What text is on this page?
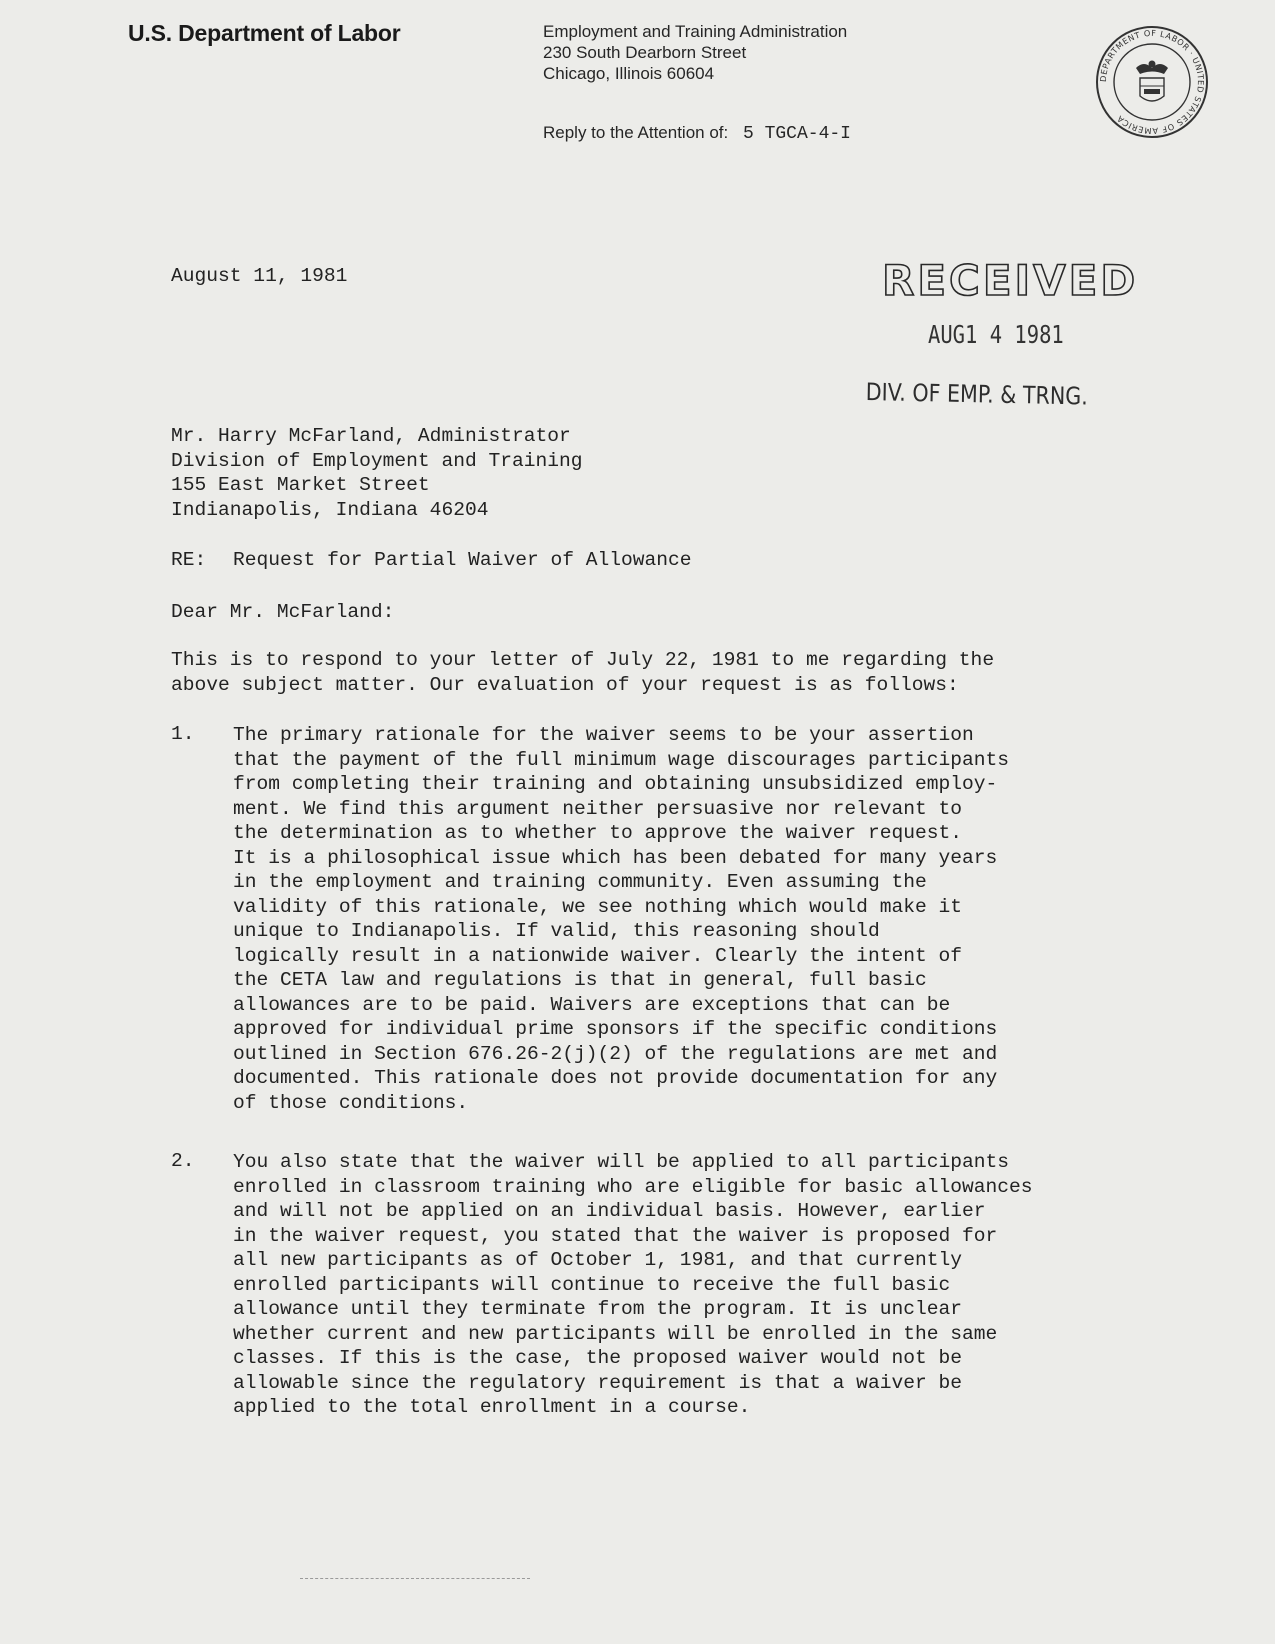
U.S. Department of Labor	Employment and Training Administration
230 South Dearborn Street
Chicago, Illinois 60604
Reply to the Attention of: 5 TGCA-4-I
DEPARTMENT OF LABOR · UNITED STATES OF AMERICA
August 11, 1981	RECEIVED
AUG1 4 1981
DIV. OF EMP. & TRNG.
Mr. Harry McFarland, Administrator
Division of Employment and Training
155 East Market Street
Indianapolis, Indiana 46204
RE: Request for Partial Waiver of Allowance
Dear Mr. McFarland:
This is to respond to your letter of July 22, 1981 to me regarding the
above subject matter. Our evaluation of your request is as follows:
1. The primary rationale for the waiver seems to be your assertion
that the payment of the full minimum wage discourages participants
from completing their training and obtaining unsubsidized employ-
ment. We find this argument neither persuasive nor relevant to
the determination as to whether to approve the waiver request.
It is a philosophical issue which has been debated for many years
in the employment and training community. Even assuming the
validity of this rationale, we see nothing which would make it
unique to Indianapolis. If valid, this reasoning should
logically result in a nationwide waiver. Clearly the intent of
the CETA law and regulations is that in general, full basic
allowances are to be paid. Waivers are exceptions that can be
approved for individual prime sponsors if the specific conditions
outlined in Section 676.26-2(j)(2) of the regulations are met and
documented. This rationale does not provide documentation for any
of those conditions.
2. You also state that the waiver will be applied to all participants
enrolled in classroom training who are eligible for basic allowances
and will not be applied on an individual basis. However, earlier
in the waiver request, you stated that the waiver is proposed for
all new participants as of October 1, 1981, and that currently
enrolled participants will continue to receive the full basic
allowance until they terminate from the program. It is unclear
whether current and new participants will be enrolled in the same
classes. If this is the case, the proposed waiver would not be
allowable since the regulatory requirement is that a waiver be
applied to the total enrollment in a course.
